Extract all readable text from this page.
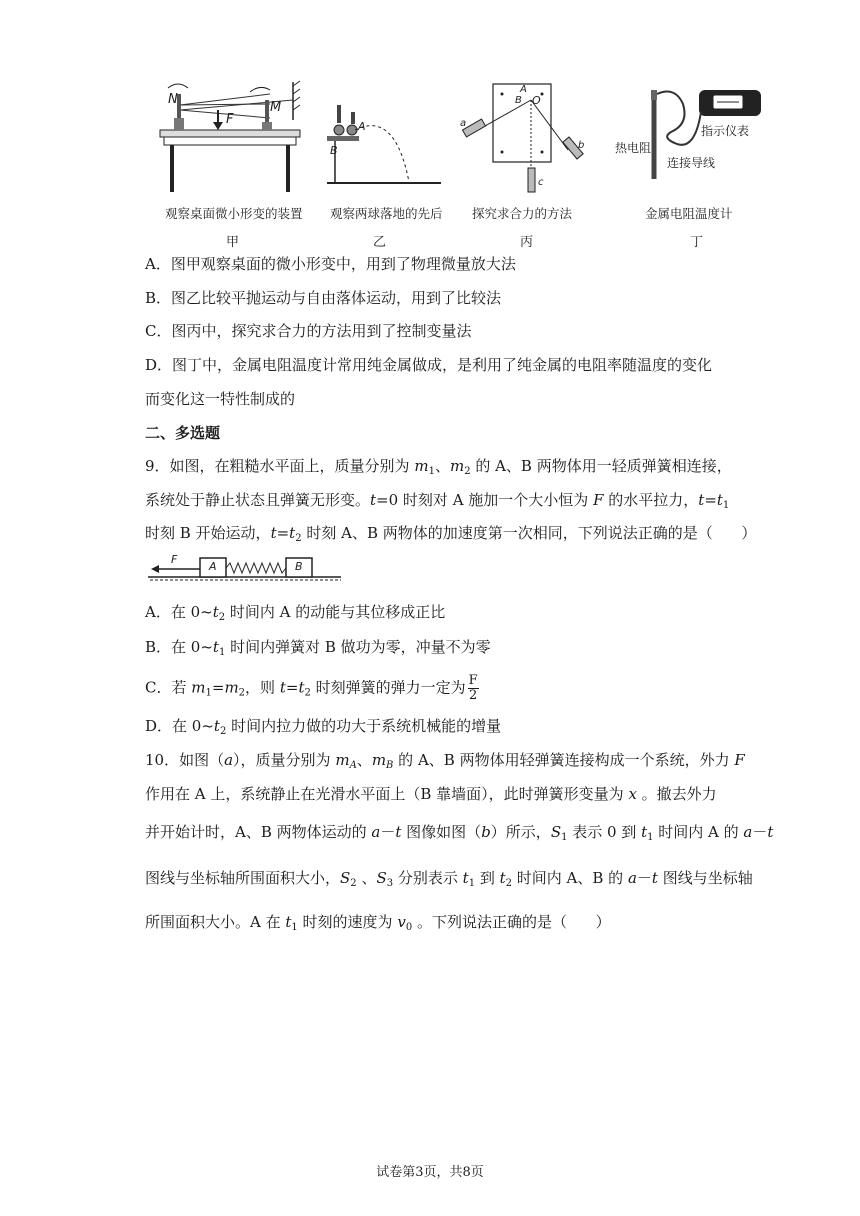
N
M
F	A
B
A
B O
a
b
c
指示仪表
热电阻
连接导线
观察桌面微小形变的装置 观察两球落地的先后 探究求合力的方法	金属电阻温度计
甲	乙	丙	丁
A．图甲观察桌面的微小形变中，用到了物理微量放大法
B．图乙比较平抛运动与自由落体运动，用到了比较法
C．图丙中，探究求合力的方法用到了控制变量法
D．图丁中，金属电阻温度计常用纯金属做成，是利用了纯金属的电阻率随温度的变化
而变化这一特性制成的
二、多选题
9．如图，在粗糙水平面上，质量分别为 $m_1$、$m_2$ 的 A、B 两物体用一轻质弹簧相连接，
系统处于静止状态且弹簧无形变。t=0 时刻对 A 施加一个大小恒为 F 的水平拉力，$t=t_1$
时刻 B 开始运动，$t=t_2$ 时刻 A、B 两物体的加速度第一次相同，下列说法正确的是（      ）
F
A	B
A．在 $0\sim t_2$ 时间内 A 的动能与其位移成正比
B．在 $0\sim t_1$ 时间内弹簧对 B 做功为零，冲量不为零
C．若 $m_1=m_2$，则 $t=t_2$ 时刻弹簧的弹力一定为 $\frac{F}{2}$
D．在 $0\sim t_2$ 时间内拉力做的功大于系统机械能的增量
10．如图（a），质量分别为 $m_A$、$m_B$ 的 A、B 两物体用轻弹簧连接构成一个系统，外力 F
作用在 A 上，系统静止在光滑水平面上（B 靠墙面），此时弹簧形变量为 x 。撤去外力
并开始计时，A、B 两物体运动的 a－t 图像如图（b）所示，$S_1$ 表示 0 到 $t_1$ 时间内 A 的 a－t
图线与坐标轴所围面积大小，$S_2$ 、$S_3$ 分别表示 $t_1$ 到 $t_2$ 时间内 A、B 的 a－t 图线与坐标轴
所围面积大小。A 在 $t_1$ 时刻的速度为 $v_0$ 。下列说法正确的是（      ）
试卷第3页，共8页
